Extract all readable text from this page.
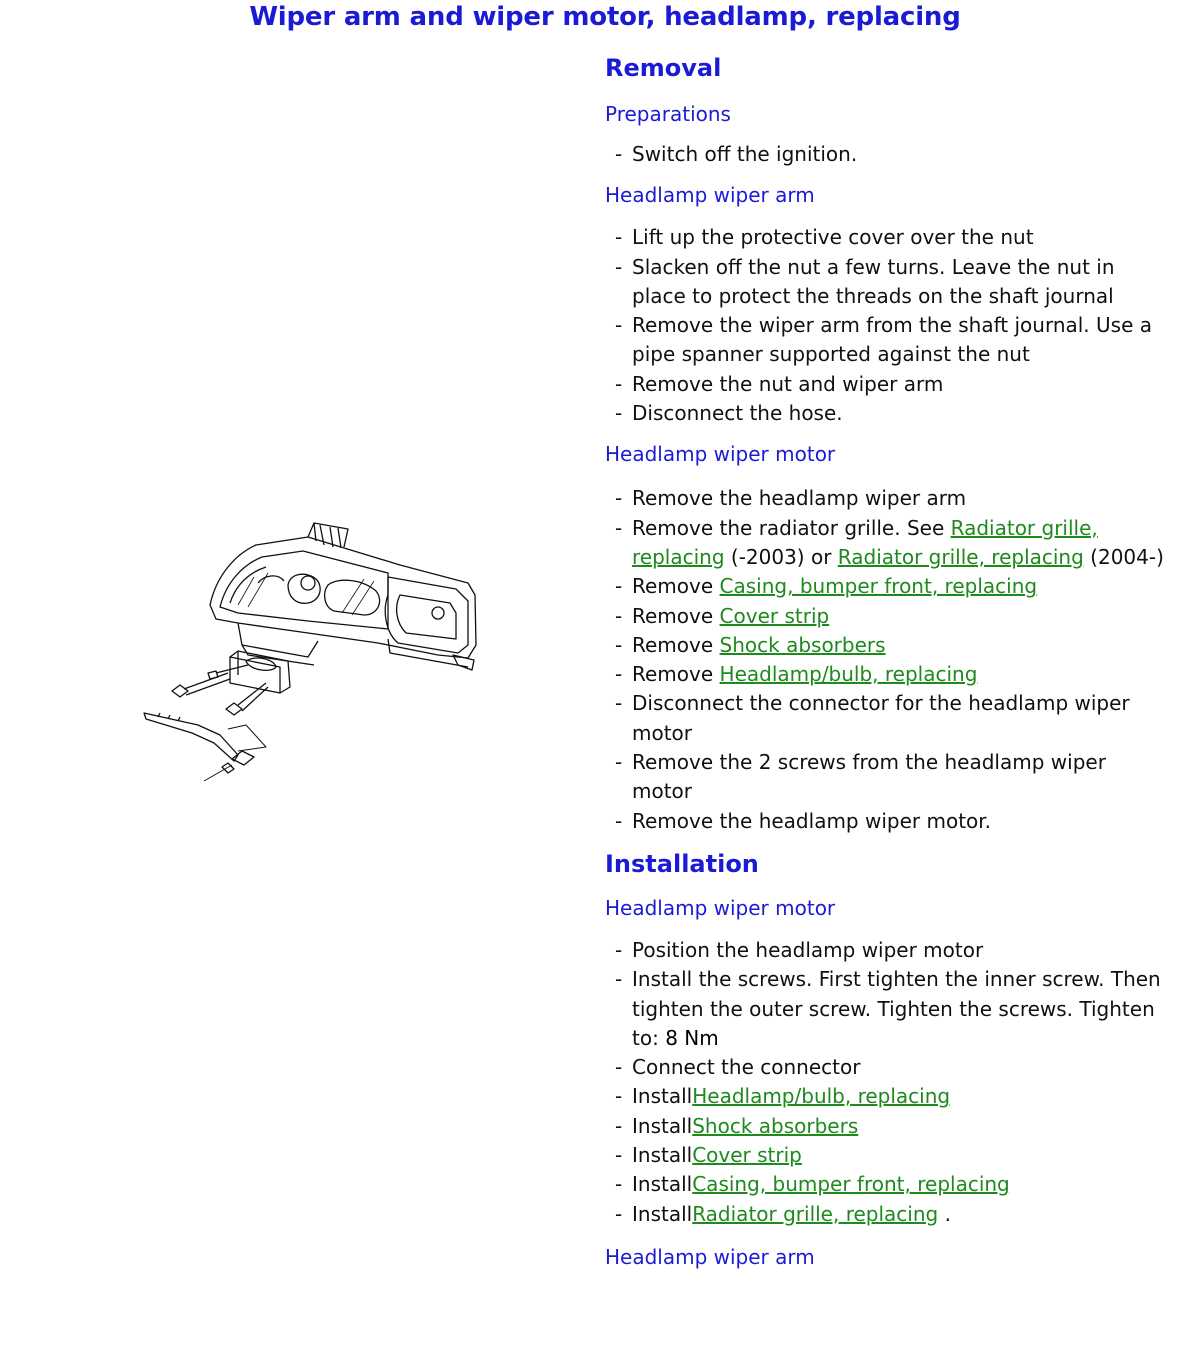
Wiper arm and wiper motor, headlamp, replacing
Removal
Preparations
- Switch off the ignition.
Headlamp wiper arm
- Lift up the protective cover over the nut
- Slacken off the nut a few turns. Leave the nut in place to protect the threads on the shaft journal
- Remove the wiper arm from the shaft journal. Use a pipe spanner supported against the nut
- Remove the nut and wiper arm
- Disconnect the hose.
Headlamp wiper motor
- Remove the headlamp wiper arm
- Remove the radiator grille. See Radiator grille, replacing (-2003) or Radiator grille, replacing (2004-)
- Remove Casing, bumper front, replacing
- Remove Cover strip
- Remove Shock absorbers
- Remove Headlamp/bulb, replacing
- Disconnect the connector for the headlamp wiper motor
- Remove the 2 screws from the headlamp wiper motor
- Remove the headlamp wiper motor.
Installation
Headlamp wiper motor
- Position the headlamp wiper motor
- Install the screws. First tighten the inner screw. Then tighten the outer screw. Tighten the screws. Tighten to: 8 Nm
- Connect the connector
- InstallHeadlamp/bulb, replacing
- InstallShock absorbers
- InstallCover strip
- InstallCasing, bumper front, replacing
- InstallRadiator grille, replacing .
Headlamp wiper arm
